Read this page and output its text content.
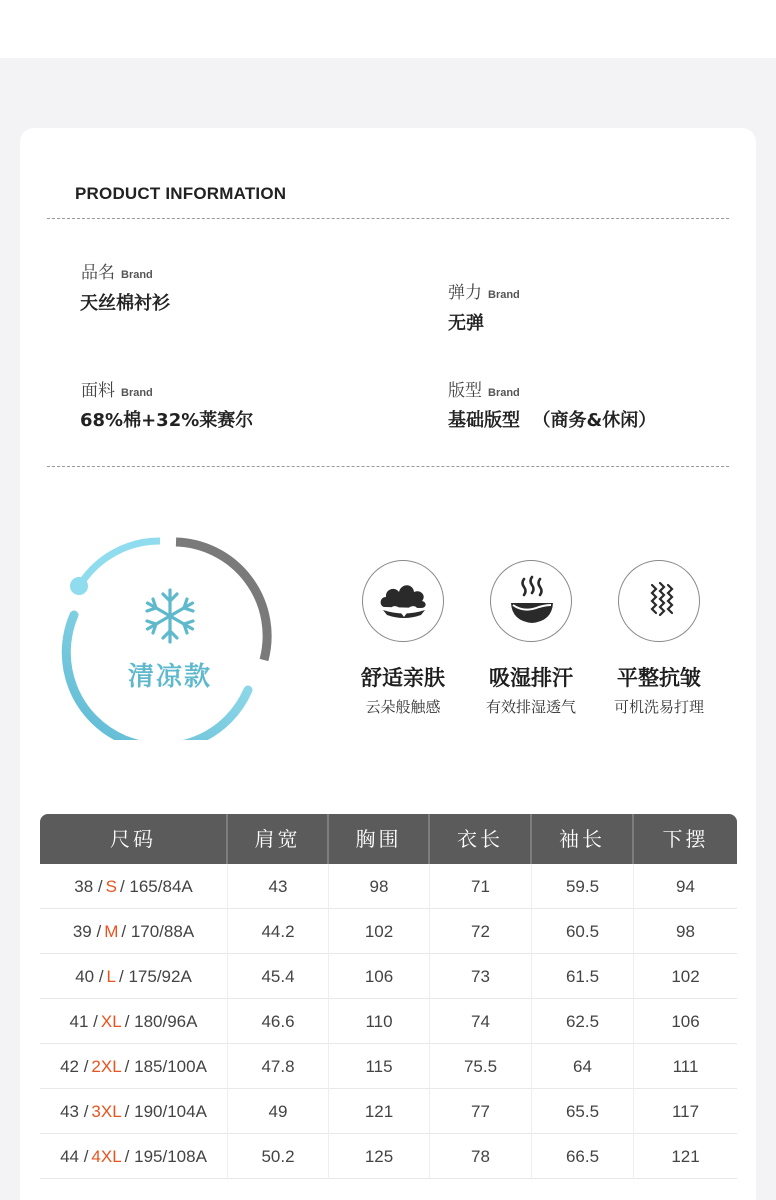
PRODUCT INFORMATION
品名 Brand
天丝棉衬衫	弹力 Brand
无弹
面料 Brand
68%棉+32%莱赛尔
版型 Brand
基础版型  （商务&休闲）
清凉款	舒适亲肤
云朵般触感
吸湿排汗
有效排湿透气
平整抗皱
可机洗易打理
尺码	肩宽	胸围	衣长	袖长	下摆
38 / S / 165/84A	43	98	71	59.5	94
39 / M / 170/88A	44.2	102	72	60.5	98
40 / L / 175/92A	45.4	106	73	61.5	102
41 / XL / 180/96A	46.6	110	74	62.5	106
42 / 2XL / 185/100A	47.8	115	75.5	64	111
43 / 3XL / 190/104A	49	121	77	65.5	117
44 / 4XL / 195/108A	50.2	125	78	66.5	121
